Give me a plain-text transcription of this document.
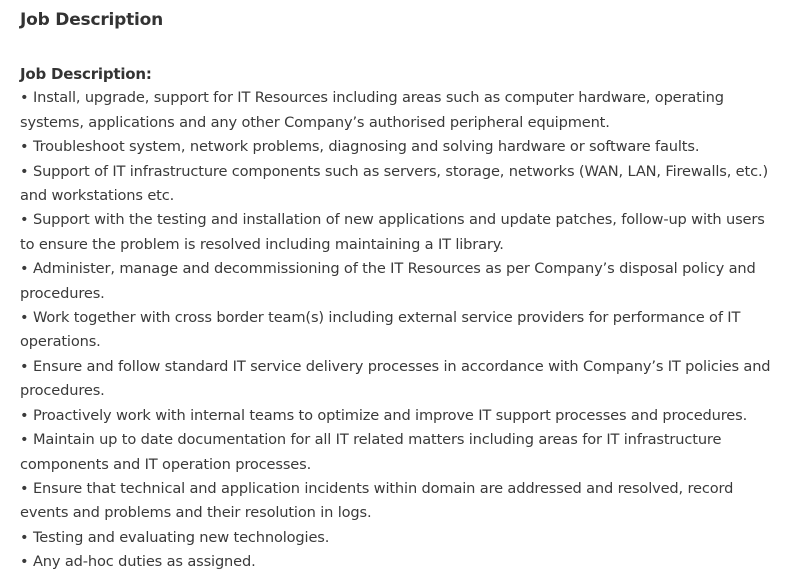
Job Description
Job Description:
• Install, upgrade, support for IT Resources including areas such as computer hardware, operating systems, applications and any other Company’s authorised peripheral equipment.
• Troubleshoot system, network problems, diagnosing and solving hardware or software faults.
• Support of IT infrastructure components such as servers, storage, networks (WAN, LAN, Firewalls, etc.) and workstations etc.
• Support with the testing and installation of new applications and update patches, follow-up with users to ensure the problem is resolved including maintaining a IT library.
• Administer, manage and decommissioning of the IT Resources as per Company’s disposal policy and procedures.
• Work together with cross border team(s) including external service providers for performance of IT operations.
• Ensure and follow standard IT service delivery processes in accordance with Company’s IT policies and procedures.
• Proactively work with internal teams to optimize and improve IT support processes and procedures.
• Maintain up to date documentation for all IT related matters including areas for IT infrastructure components and IT operation processes.
• Ensure that technical and application incidents within domain are addressed and resolved, record events and problems and their resolution in logs.
• Testing and evaluating new technologies.
• Any ad-hoc duties as assigned.
